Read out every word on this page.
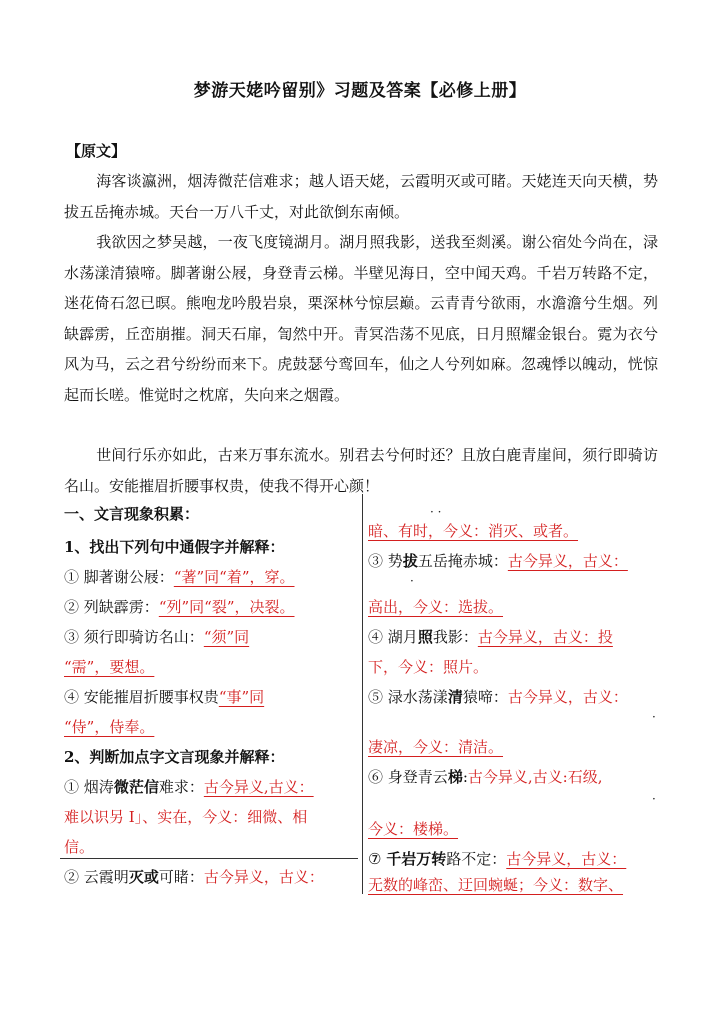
梦游天姥吟留别》习题及答案【必修上册】
【原文】

海客谈瀛洲，烟涛微茫信难求；越人语天姥，云霞明灭或可睹。天姥连天向天横，势拔五岳掩赤城。天台一万八千丈，对此欲倒东南倾。

我欲因之梦吴越，一夜飞度镜湖月。湖月照我影，送我至剡溪。谢公宿处今尚在，渌水荡漾清猿啼。脚著谢公屐，身登青云梯。半壁见海日，空中闻天鸡。千岩万转路不定，迷花倚石忽已暝。熊咆龙吟殷岩泉，栗深林兮惊层巅。云青青兮欲雨，水澹澹兮生烟。列缺霹雳，丘峦崩摧。洞天石扉，訇然中开。青冥浩荡不见底，日月照耀金银台。霓为衣兮风为马，云之君兮纷纷而来下。虎鼓瑟兮鸾回车，仙之人兮列如麻。忽魂悸以魄动，恍惊起而长嗟。惟觉时之枕席，失向来之烟霞。

世间行乐亦如此，古来万事东流水。别君去兮何时还？且放白鹿青崖间，须行即骑访名山。安能摧眉折腰事权贵，使我不得开心颜！

一、文言现象积累：
1、找出下列句中通假字并解释：
① 脚著谢公屐：“著”同“着”，穿。
② 列缺霹雳：“列”同“裂”，决裂。
③ 须行即骑访名山：“须”同
“需”，要想。
④ 安能摧眉折腰事权贵“事”同
“侍”，侍奉。
2、判断加点字文言现象并解释：
① 烟涛微茫信难求：古今异义,古义：
难以识另 I」、实在，今义：细微、相
信。
② 云霞明灭或可睹：古今异义，古义：
· ·
暗、有时，今义：消灭、或者。
③ 势拔五岳掩赤城：古今异义，古义：
·
高出，今义：选拔。
④ 湖月照我影：古今异义，古义：投
下，今义：照片。
⑤ 渌水荡漾清猿啼：古今异义，古义：
·
凄凉，今义：清洁。
⑥ 身登青云梯:古今异义,古义:石级,
·
今义：楼梯。
⑦ 千岩万转路不定：古今异义，古义：
无数的峰峦、迂回蜿蜒；今义：数字、
